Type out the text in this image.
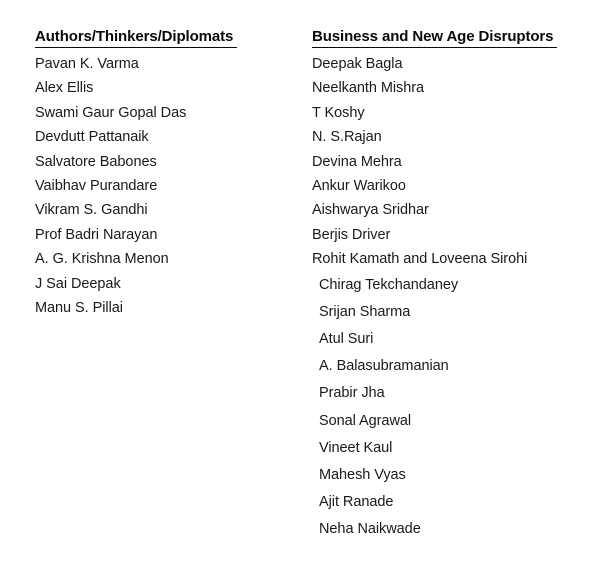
Authors/Thinkers/Diplomats
Pavan K. Varma
Alex Ellis
Swami Gaur Gopal Das
Devdutt Pattanaik
Salvatore Babones
Vaibhav Purandare
Vikram S. Gandhi
Prof Badri Narayan
A. G. Krishna Menon
J Sai Deepak
Manu S. Pillai
Business and New Age Disruptors
Deepak Bagla
Neelkanth Mishra
T Koshy
N. S.Rajan
Devina Mehra
Ankur Warikoo
Aishwarya Sridhar
Berjis Driver
Rohit Kamath and Loveena Sirohi
Chirag Tekchandaney
Srijan Sharma
Atul Suri
A. Balasubramanian
Prabir Jha
Sonal Agrawal
Vineet Kaul
Mahesh Vyas
Ajit Ranade
Neha Naikwade
